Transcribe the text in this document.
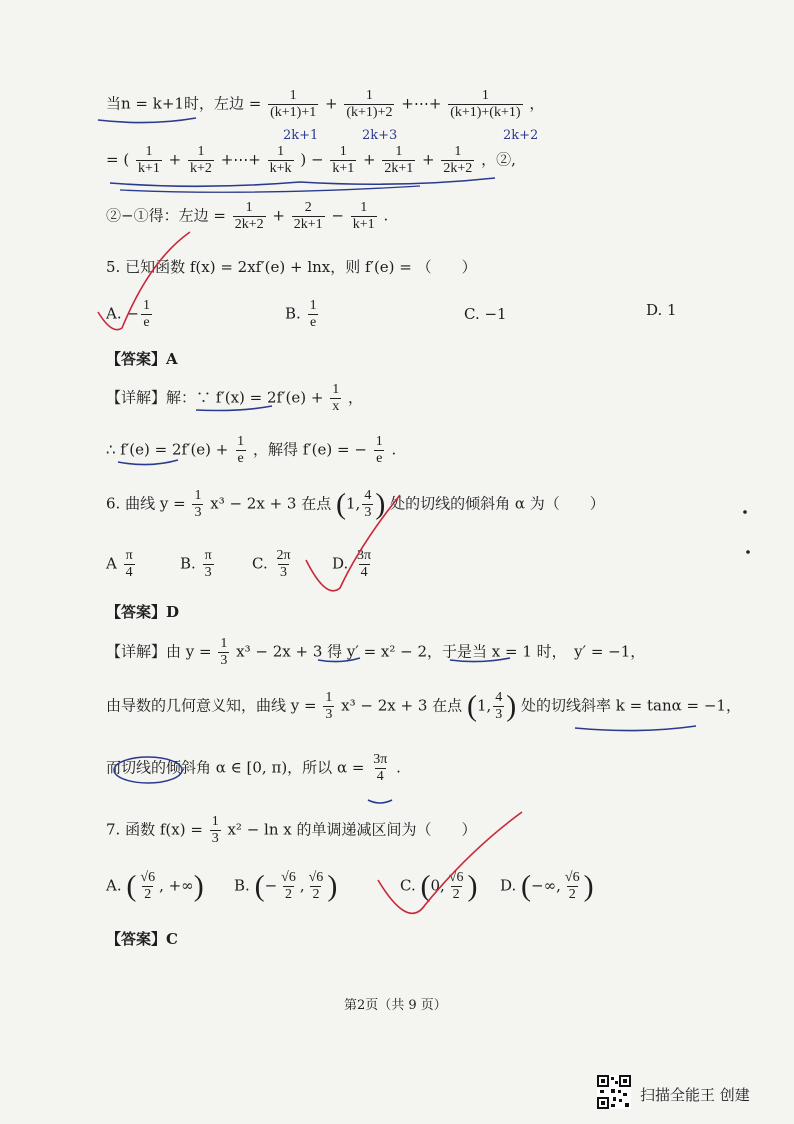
当n = k+1时，左边 = $\frac{1}{(k+1)+1} + \frac{1}{(k+1)+2}$ +⋯+ $\frac{1}{(k+1)+(k+1)}$ ，
2k+1	2k+3	2k+2
= ( $\frac{1}{k+1} + \frac{1}{k+2}$ +⋯+ $\frac{1}{k+k}$ ) − $\frac{1}{k+1} + \frac{1}{2k+1} + \frac{1}{2k+2}$ ，②,
②−①得：左边 = $\frac{1}{2k+2} + \frac{2}{2k+1} - \frac{1}{k+1}$ .
5. 已知函数 f(x) = 2xf′(e) + lnx，则 f′(e) = （　　）
A. − $\frac{1}{e}$	B. $\frac{1}{e}$	C. −1	D. 1
【答案】A
【详解】解：∵ $f'(x) = 2f'(e) + \frac{1}{x}$ ，
∴ $f'(e) = 2f'(e) + \frac{1}{e}$ ，解得 f′(e) = − $\frac{1}{e}$ .
6. 曲线 $y = \frac{1}{3} x^3 - 2x + 3$ 在点 (1, $\frac{4}{3}$ ) 处的切线的倾斜角 α 为（　　）
A $\frac{\pi}{4}$	B. $\frac{\pi}{3}$	C. $\frac{2\pi}{3}$	D. $\frac{3\pi}{4}$
【答案】D
【详解】由 $y = \frac{1}{3} x^3 - 2x + 3$ 得 y′ = x² − 2，于是当 x = 1 时，　y′ = −1，
由导数的几何意义知，曲线 $y = \frac{1}{3} x^3 - 2x + 3$ 在点 (1, $\frac{4}{3}$ ) 处的切线斜率 k = tanα = −1，
而切线的倾斜角 α ∈ [0, π)，所以 $\alpha = \frac{3\pi}{4}$ .
7. 函数 $f(x) = \frac{1}{3} x^2 - \ln x$ 的单调递减区间为（　　）
A. ( $\frac{√6}{2}$ , +∞) B. (− $\frac{√6}{2}$ , $\frac{√6}{2}$ )	C. (0, $\frac{√6}{2}$ ) D. (−∞, $\frac{√6}{2}$ )
【答案】C
第2页（共 9 页）
扫描全能王 创建
